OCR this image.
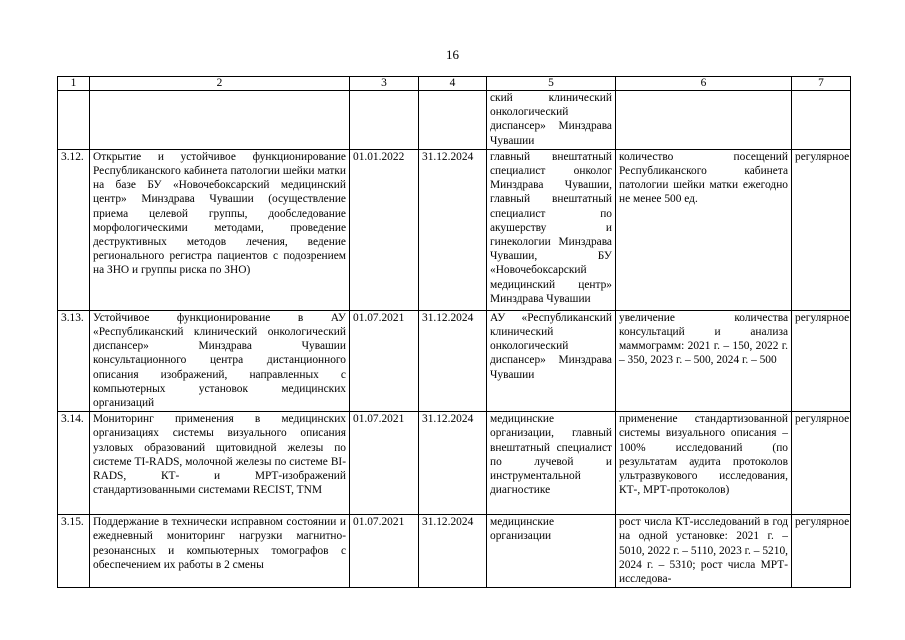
16
1	2	3	4	5	6	7
				ский клинический онкологический диспансер» Минздрава Чувашии		
3.12.	Открытие и устойчивое функционирование Республиканского кабинета патологии шейки матки на базе БУ «Новочебоксарский медицинский центр» Минздрава Чувашии (осуществление приема целевой группы, дообследование морфологическими методами, проведение деструктивных методов лечения, ведение регионального регистра пациентов с подозрением на ЗНО и группы риска по ЗНО)	01.01.2022	31.12.2024	главный внештатный специалист онколог Минздрава Чувашии, главный внештатный специалист по акушерству и гинекологии Минздрава Чувашии, БУ «Новочебоксарский медицинский центр» Минздрава Чувашии	количество посещений Республиканского кабинета патологии шейки матки ежегодно не менее 500 ед.	регулярное
3.13.	Устойчивое функционирование в АУ «Республиканский клинический онкологический диспансер» Минздрава Чувашии консультационного центра дистанционного описания изображений, направленных с компьютерных установок медицинских организаций	01.07.2021	31.12.2024	АУ «Республиканский клинический онкологический диспансер» Минздрава Чувашии	увеличение количества консультаций и анализа маммограмм: 2021 г. – 150, 2022 г. – 350, 2023 г. – 500, 2024 г. – 500	регулярное
3.14.	Мониторинг применения в медицинских организациях системы визуального описания узловых образований щитовидной железы по системе TI-RADS, молочной железы по системе BI-RADS, КТ- и МРТ-изображений стандартизованными системами RECIST, TNM	01.07.2021	31.12.2024	медицинские организации, главный внештатный специалист по лучевой и инструментальной диагностике	применение стандартизованной системы визуального описания – 100% исследований (по результатам аудита протоколов ультразвукового исследования, КТ-, МРТ-протоколов)	регулярное
3.15.	Поддержание в технически исправном состоянии и ежедневный мониторинг нагрузки магнитно-резонансных и компьютерных томографов с обеспечением их работы в 2 смены	01.07.2021	31.12.2024	медицинские организации	рост числа КТ-исследований в год на одной установке: 2021 г. – 5010, 2022 г. – 5110, 2023 г. – 5210, 2024 г. – 5310; рост числа МРТ-исследова-	регулярное
